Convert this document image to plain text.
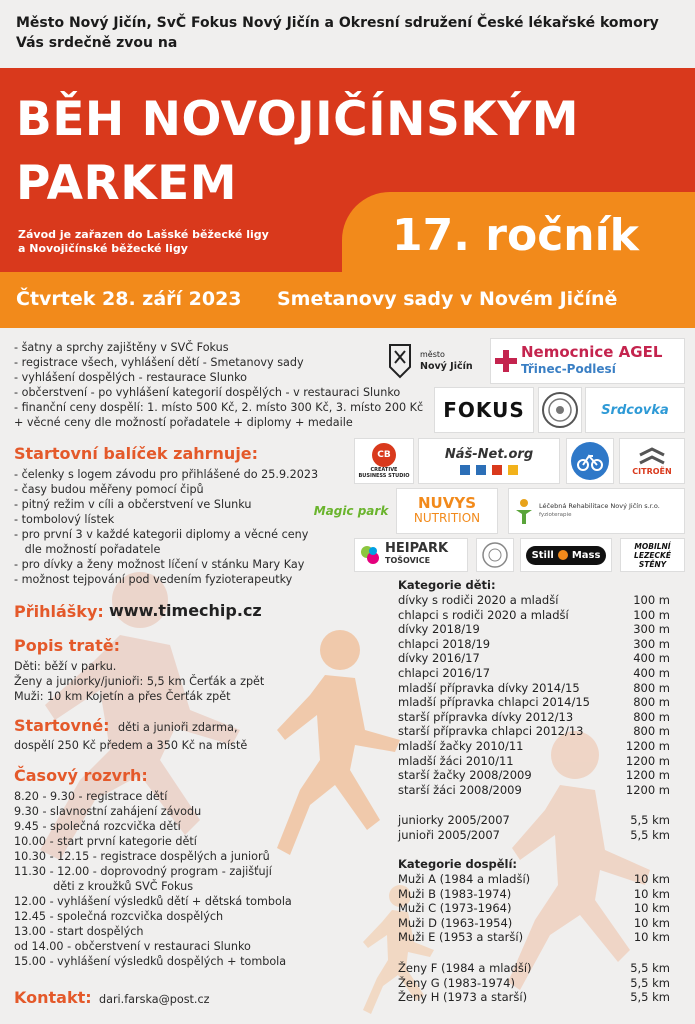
Město Nový Jičín, SvČ Fokus Nový Jičín a Okresní sdružení České lékařské komory
Vás srdečně zvou na
BĚH NOVOJIČÍNSKÝM
PARKEM
Závod je zařazen do Lašské běžecké ligy
a Novojičínské běžecké ligy	17. ročník
Čtvrtek 28. září 2023 Smetanovy sady v Novém Jičíně
- šatny a sprchy zajištěny v SVČ Fokus
- registrace všech, vyhlášení dětí - Smetanovy sady
- vyhlášení dospělých - restaurace Slunko
- občerstvení - po vyhlášení kategorií dospělých - v restauraci Slunko
- finanční ceny dospělí: 1. místo 500 Kč, 2. místo 300 Kč, 3. místo 200 Kč
+ věcné ceny dle možností pořadatele + diplomy + medaile
Startovní balíček zahrnuje:
- čelenky s logem závodu pro přihlášené do 25.9.2023
- časy budou měřeny pomocí čipů
- pitný režim v cíli a občerstvení ve Slunku
- tombolový lístek
- pro první 3 v každé kategorii diplomy a věcné ceny
dle možností pořadatele
- pro dívky a ženy možnost líčení v stánku Mary Kay
- možnost tejpování pod vedením fyzioterapeutky
Přihlášky: www.timechip.cz
Popis tratě:
Děti: běží v parku.
Ženy a juniorky/junioři: 5,5 km Čerťák a zpět
Muži: 10 km Kojetín a přes Čerťák zpět
Startovné: děti a junioři zdarma,
dospělí 250 Kč předem a 350 Kč na místě
Časový rozvrh:
8.20 - 9.30 - registrace dětí
9.30 - slavnostní zahájení závodu
9.45 - společná rozcvička dětí
10.00 - start první kategorie dětí
10.30 - 12.15 - registrace dospělých a juniorů
11.30 - 12.00 - doprovodný program - zajišťují
děti z kroužků SVČ Fokus
12.00 - vyhlášení výsledků dětí + dětská tombola
12.45 - společná rozcvička dospělých
13.00 - start dospělých
od 14.00 - občerstvení v restauraci Slunko
15.00 - vyhlášení výsledků dospělých + tombola
Kontakt: dari.farska@post.cz
Kategorie děti:
dívky s rodiči 2020 a mladší	100 m
chlapci s rodiči 2020 a mladší	100 m
dívky 2018/19	300 m
chlapci 2018/19	300 m
dívky 2016/17	400 m
chlapci 2016/17	400 m
mladší přípravka dívky 2014/15	800 m
mladší přípravka chlapci 2014/15	800 m
starší přípravka dívky 2012/13	800 m
starší přípravka chlapci 2012/13	800 m
mladší žačky 2010/11	1200 m
mladší žáci 2010/11	1200 m
starší žačky 2008/2009	1200 m
starší žáci 2008/2009	1200 m
juniorky 2005/2007	5,5 km
junioři 2005/2007	5,5 km
Kategorie dospělí:
Muži A (1984 a mladší)	10 km
Muži B (1983-1974)	10 km
Muži C (1973-1964)	10 km
Muži D (1963-1954)	10 km
Muži E (1953 a starší)	10 km
Ženy F (1984 a mladší)	5,5 km
Ženy G (1983-1974)	5,5 km
Ženy H (1973 a starší)	5,5 km
město
Nový Jičín
Nemocnice AGEL
Třinec-Podlesí
FOKUS	Srdcovka
CB
CREATIVE
BUSINESS STUDIO
Náš-Net.org
CITROËN
Magic park NUVYS
NUTRITION
Léčebná Rehabilitace Nový Jičín s.r.o.
fyzioterapie
HEIPARK
TOŠOVICE	Still Mass
MOBILNÍ
LEZECKÉ
STĚNY
